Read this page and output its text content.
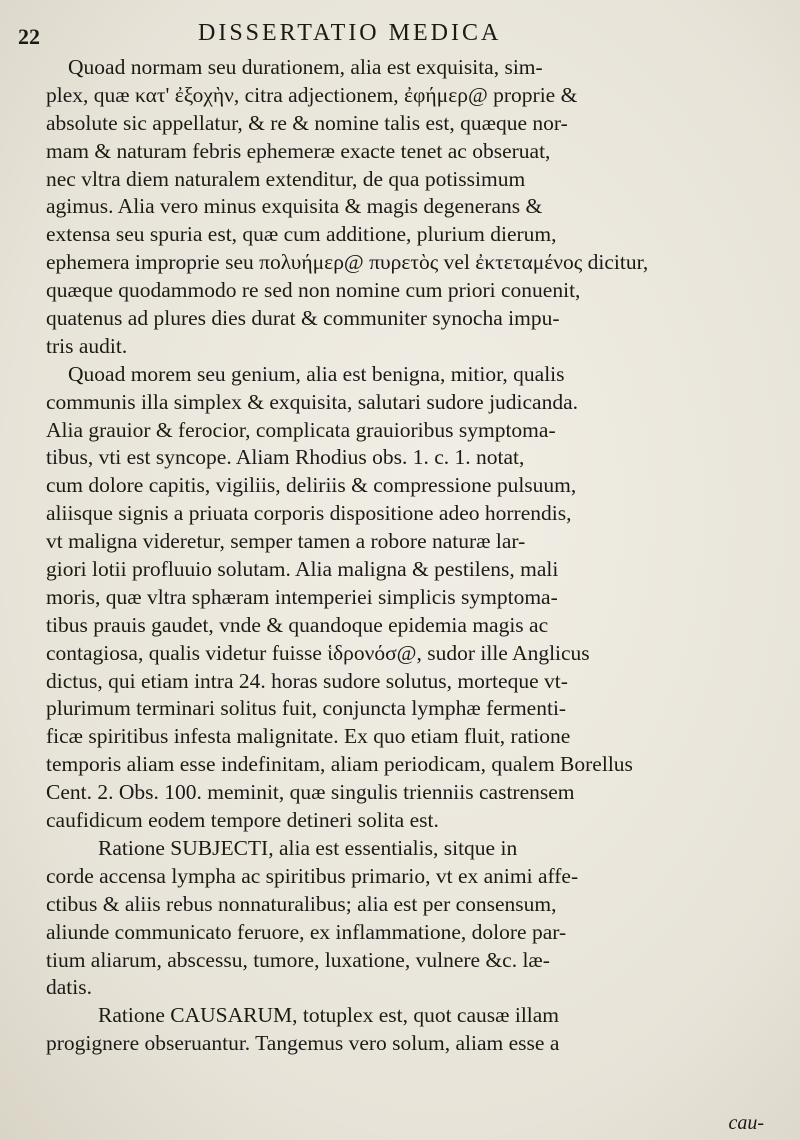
22	DISSERTATIO MEDICA
Quoad normam seu durationem, alia est exquisita, sim-
plex, quæ κατ' ἐξοχὴν, citra adjectionem, ἐφήμερ@ proprie &
absolute sic appellatur, & re & nomine talis est, quæque nor-
mam & naturam febris ephemeræ exacte tenet ac obseruat,
nec vltra diem naturalem extenditur, de qua potissimum
agimus. Alia vero minus exquisita & magis degenerans &
extensa seu spuria est, quæ cum additione, plurium dierum,
ephemera improprie seu πολυήμερ@ πυρετὸς vel ἐκτεταμένος dicitur,
quæque quodammodo re sed non nomine cum priori conuenit,
quatenus ad plures dies durat & communiter synocha impu-
tris audit.
Quoad morem seu genium, alia est benigna, mitior, qualis
communis illa simplex & exquisita, salutari sudore judicanda.
Alia grauior & ferocior, complicata grauioribus symptoma-
tibus, vti est syncope. Aliam Rhodius obs. 1. c. 1. notat,
cum dolore capitis, vigiliis, deliriis & compressione pulsuum,
aliisque signis a priuata corporis dispositione adeo horrendis,
vt maligna videretur, semper tamen a robore naturæ lar-
giori lotii profluuio solutam. Alia maligna & pestilens, mali
moris, quæ vltra sphæram intemperiei simplicis symptoma-
tibus prauis gaudet, vnde & quandoque epidemia magis ac
contagiosa, qualis videtur fuisse ἱδρονόσ@, sudor ille Anglicus
dictus, qui etiam intra 24. horas sudore solutus, morteque vt-
plurimum terminari solitus fuit, conjuncta lymphæ fermenti-
ficæ spiritibus infesta malignitate. Ex quo etiam fluit, ratione
temporis aliam esse indefinitam, aliam periodicam, qualem Borellus
Cent. 2. Obs. 100. meminit, quæ singulis trienniis castrensem
caufidicum eodem tempore detineri solita est.
Ratione SUBJECTI, alia est essentialis, sitque in
corde accensa lympha ac spiritibus primario, vt ex animi affe-
ctibus & aliis rebus nonnaturalibus; alia est per consensum,
aliunde communicato feruore, ex inflammatione, dolore par-
tium aliarum, abscessu, tumore, luxatione, vulnere &c. læ-
datis.
Ratione CAUSARUM, totuplex est, quot causæ illam
progignere obseruantur. Tangemus vero solum, aliam esse a
cau-
